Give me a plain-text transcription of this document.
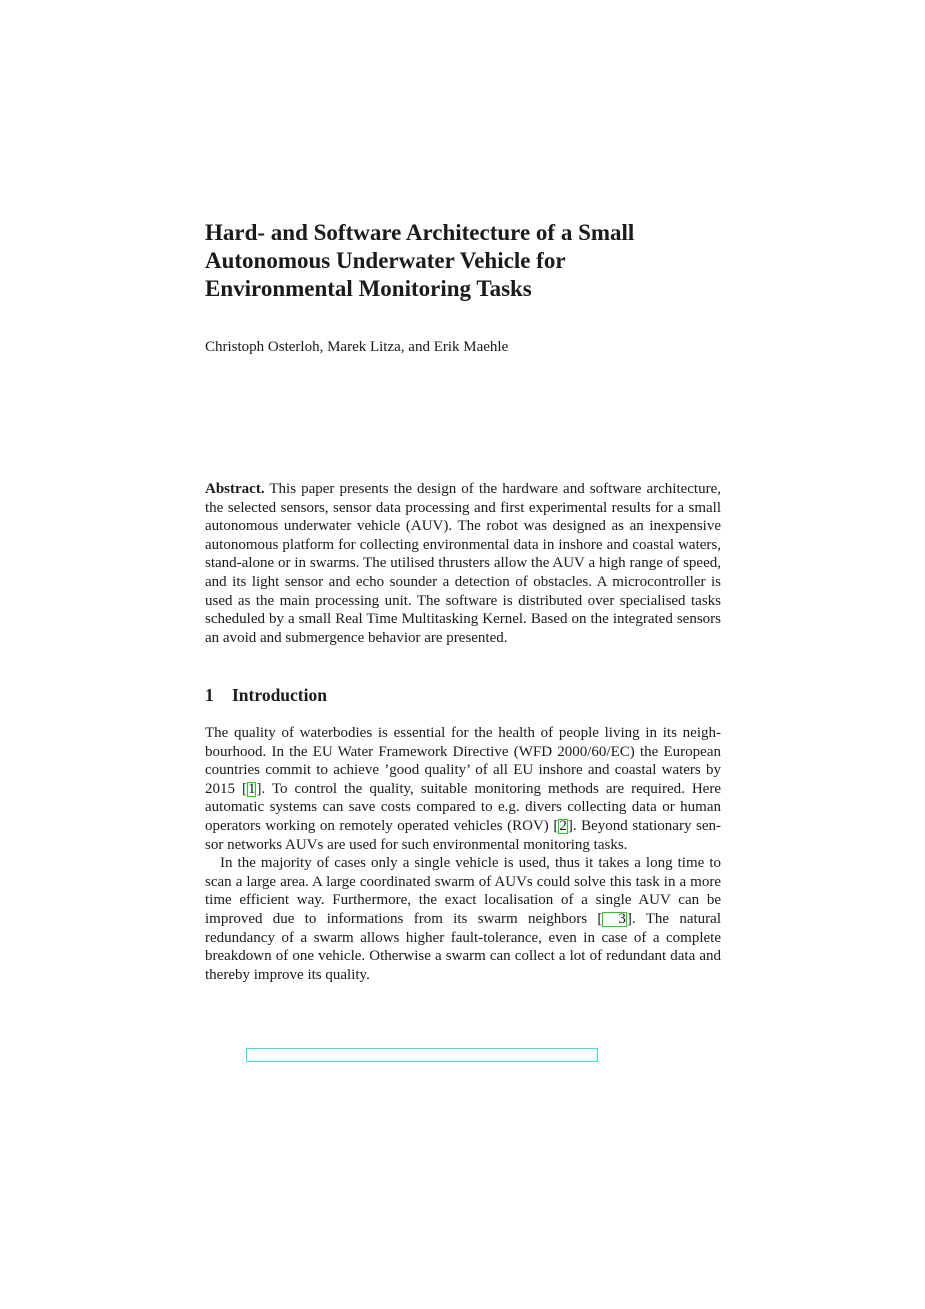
Hard- and Software Architecture of a Small
Autonomous Underwater Vehicle for
Environmental Monitoring Tasks
Christoph Osterloh, Marek Litza, and Erik Maehle

Abstract. This paper presents the design of the hardware and software architecture, the selected sensors, sensor data processing and first experimental results for a small autonomous underwater vehicle (AUV). The robot was designed as an inexpensive autonomous platform for collecting environmental data in inshore and coastal waters, stand-alone or in swarms. The utilised thrusters allow the AUV a high range of speed, and its light sensor and echo sounder a detection of obstacles. A microcontroller is used as the main processing unit. The software is distributed over specialised tasks scheduled by a small Real Time Multitasking Kernel. Based on the integrated sensors an avoid and submergence behavior are presented.

1 Introduction

The quality of waterbodies is essential for the health of people living in its neighbourhood. In the EU Water Framework Directive (WFD 2000/60/EC) the European countries commit to achieve ’good quality’ of all EU inshore and coastal waters by 2015 [1]. To control the quality, suitable monitoring methods are required. Here automatic systems can save costs compared to e.g. divers collecting data or human operators working on remotely operated vehicles (ROV) [2]. Beyond stationary sensor networks AUVs are used for such environmental monitoring tasks.

In the majority of cases only a single vehicle is used, thus it takes a long time to scan a large area. A large coordinated swarm of AUVs could solve this task in a more time efficient way. Furthermore, the exact localisation of a single AUV can be improved due to informations from its swarm neighbors [ 3]. The natural redundancy of a swarm allows higher fault-tolerance, even in case of a complete breakdown of one vehicle. Otherwise a swarm can collect a lot of redundant data and thereby improve its quality.
